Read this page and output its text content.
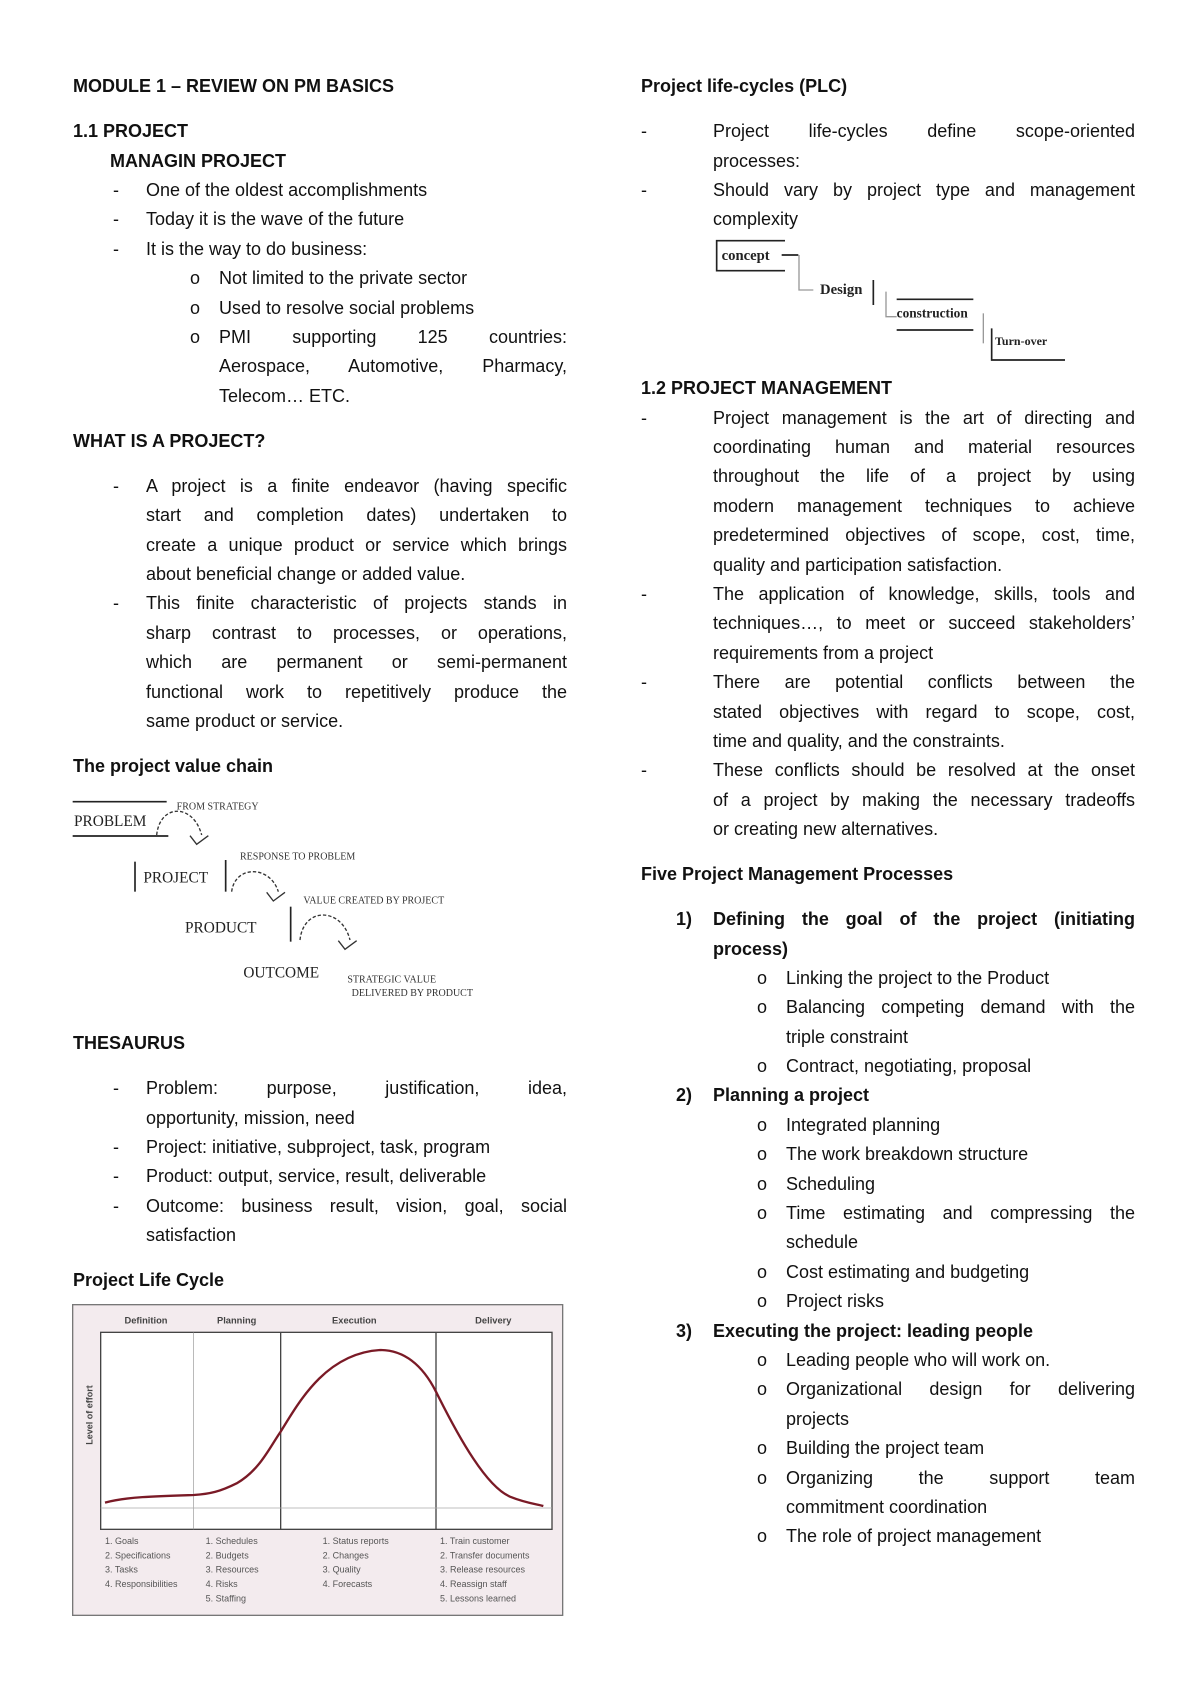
MODULE 1 – REVIEW ON PM BASICS
1.1 PROJECT
MANAGIN PROJECT
- One of the oldest accomplishments
- Today it is the wave of the future
- It is the way to do business:
o Not limited to the private sector
o Used to resolve social problems
o PMI supporting 125 countries:
Aerospace, Automotive, Pharmacy,
Telecom… ETC.
WHAT IS A PROJECT?
- A project is a finite endeavor (having specific
start and completion dates) undertaken to
create a unique product or service which brings
about beneficial change or added value.
- This finite characteristic of projects stands in
sharp contrast to processes, or operations,
which are permanent or semi-permanent
functional work to repetitively produce the
same product or service.
The project value chain
PROBLEM
FROM STRATEGY
PROJECT
RESPONSE TO PROBLEM
PRODUCT
VALUE CREATED BY PROJECT
OUTCOME STRATEGIC VALUE
DELIVERED BY PRODUCT
THESAURUS
- Problem: purpose, justification, idea,
opportunity, mission, need
- Project: initiative, subproject, task, program
- Product: output, service, result, deliverable
- Outcome: business result, vision, goal, social
satisfaction
Project Life Cycle
Level of effort
Definition
1. Goals
2. Specifications
3. Tasks
4. Responsibilities
Planning
1. Schedules
2. Budgets
3. Resources
4. Risks
5. Staffing
Execution
1. Status reports
2. Changes
3. Quality
4. Forecasts
Delivery
1. Train customer
2. Transfer documents
3. Release resources
4. Reassign staff
5. Lessons learned
Project life-cycles (PLC)
-	Project life-cycles define scope-oriented
processes:
-	Should vary by project type and management
complexity
concept
Design
construction
Turn-over
1.2 PROJECT MANAGEMENT
-	Project management is the art of directing and
coordinating human and material resources
throughout the life of a project by using
modern management techniques to achieve
predetermined objectives of scope, cost, time,
quality and participation satisfaction.
-	The application of knowledge, skills, tools and
techniques…, to meet or succeed stakeholders’
requirements from a project
-	There are potential conflicts between the
stated objectives with regard to scope, cost,
time and quality, and the constraints.
-	These conflicts should be resolved at the onset
of a project by making the necessary tradeoffs
or creating new alternatives.
Five Project Management Processes
1) Defining the goal of the project (initiating
process)
o Linking the project to the Product
o Balancing competing demand with the
triple constraint
o Contract, negotiating, proposal
2) Planning a project
o Integrated planning
o The work breakdown structure
o Scheduling
o Time estimating and compressing the
schedule
o Cost estimating and budgeting
o Project risks
3) Executing the project: leading people
o Leading people who will work on.
o Organizational design for delivering
projects
o Building the project team
o Organizing the support team
commitment coordination
o The role of project management
